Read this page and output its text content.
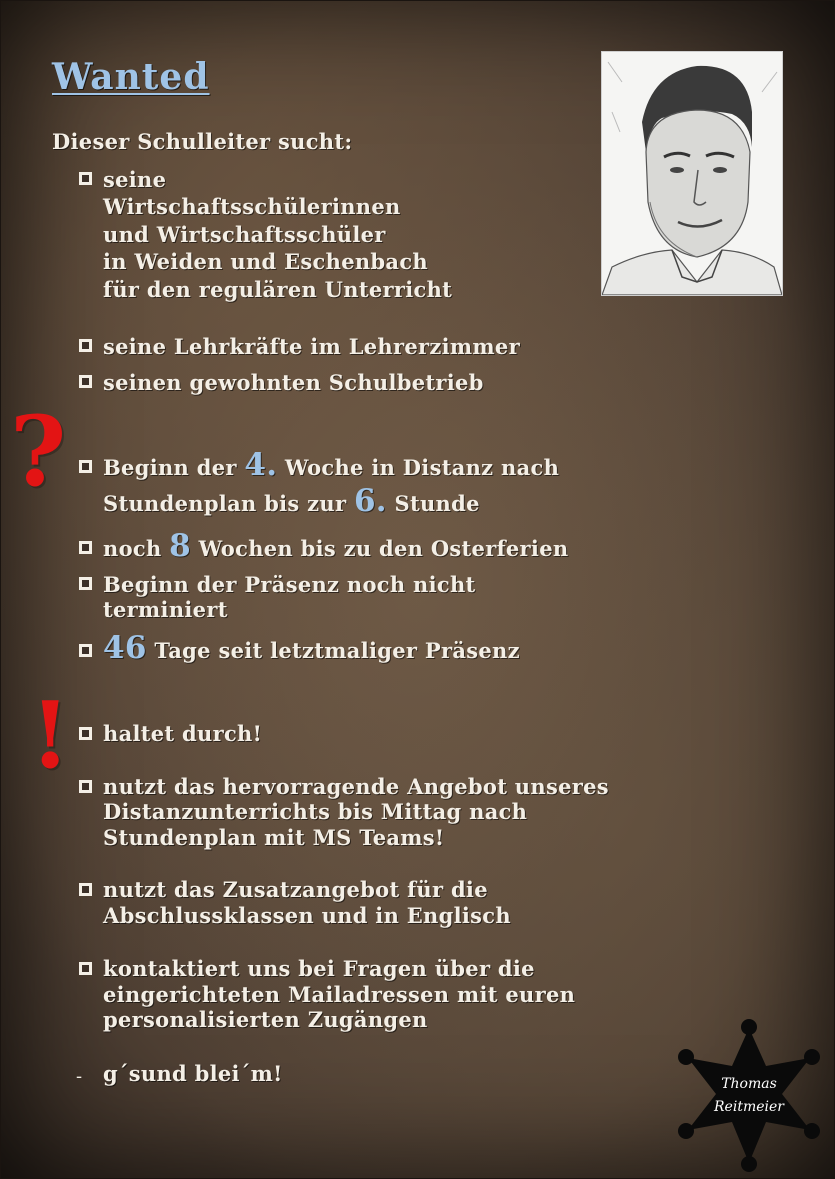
Wanted
Dieser Schulleiter sucht:
seine
Wirtschaftsschülerinnen
und Wirtschaftsschüler
in Weiden und Eschenbach
für den regulären Unterricht
seine Lehrkräfte im Lehrerzimmer
seinen gewohnten Schulbetrieb
? Beginn der 4. Woche in Distanz nach
Stundenplan bis zur 6. Stunde
noch 8 Wochen bis zu den Osterferien
Beginn der Präsenz noch nicht
terminiert
46 Tage seit letztmaliger Präsenz
! haltet durch!
nutzt das hervorragende Angebot unseres
Distanzunterrichts bis Mittag nach
Stundenplan mit MS Teams!
nutzt das Zusatzangebot für die
Abschlussklassen und in Englisch
kontaktiert uns bei Fragen über die
eingerichteten Mailadressen mit euren
personalisierten Zugängen
- g´sund blei´m!	Thomas
Reitmeier
